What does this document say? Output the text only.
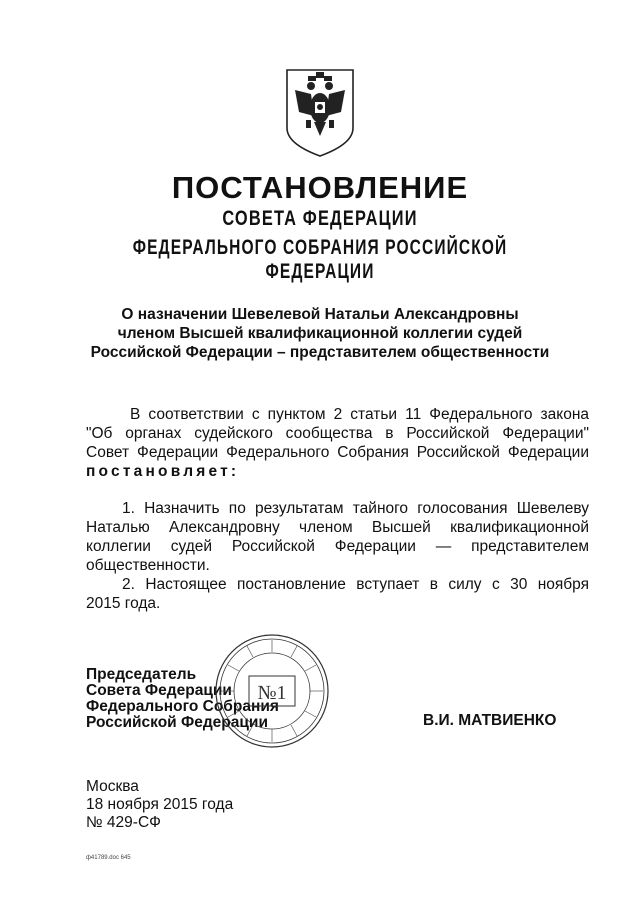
ПОСТАНОВЛЕНИЕ
СОВЕТА ФЕДЕРАЦИИ
ФЕДЕРАЛЬНОГО СОБРАНИЯ РОССИЙСКОЙ ФЕДЕРАЦИИ
О назначении Шевелевой Натальи Александровны
членом Высшей квалификационной коллегии судей
Российской Федерации – представителем общественности
В соответствии с пунктом 2 статьи 11 Федерального закона
"Об органах судейского сообщества в Российской Федерации"
Совет Федерации Федерального Собрания Российской Федерации
постановляет:
1. Назначить по результатам тайного голосования Шевелеву
Наталью Александровну членом Высшей квалификационной
коллегии судей Российской Федерации — представителем
общественности.
2. Настоящее постановление вступает в силу с 30 ноября
2015 года.
Председатель
Совета Федерации
Федерального Собрания
Российской Федерации
№1
В.И. МАТВИЕНКО
Москва
18 ноября 2015 года
№ 429-СФ
ф41789.doc 645
